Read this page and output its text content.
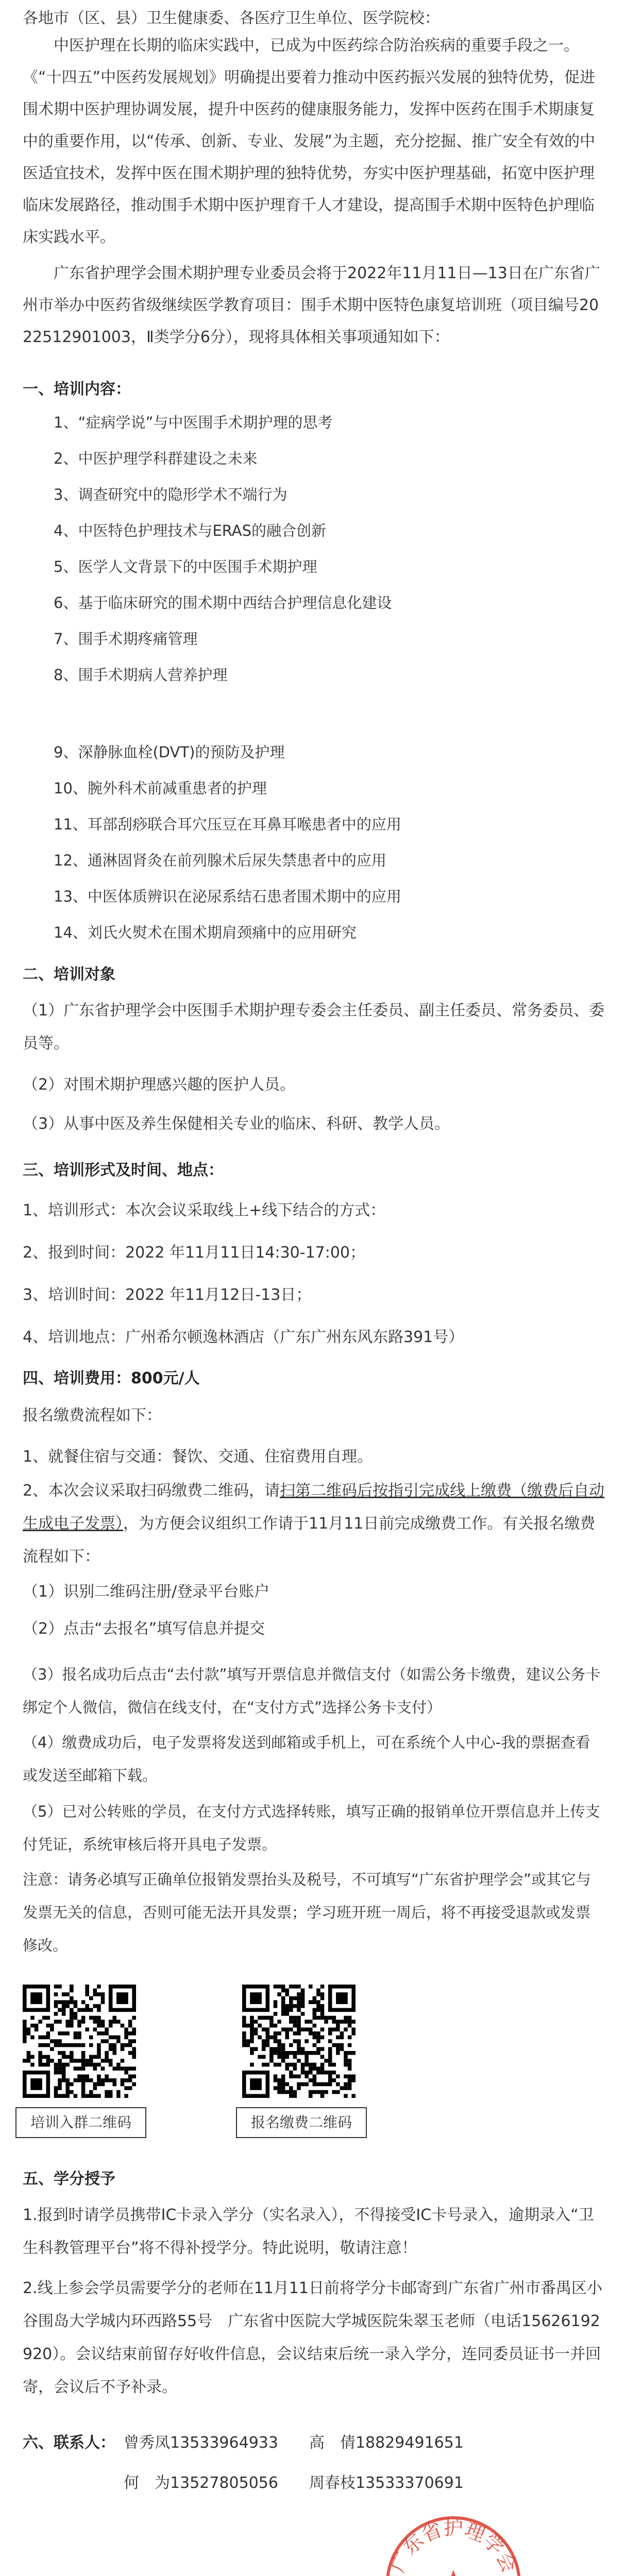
各地市（区、县）卫生健康委、各医疗卫生单位、医学院校：
中医护理在长期的临床实践中，已成为中医药综合防治疾病的重要手段之一。《“十四五”中医药发展规划》明确提出要着力推动中医药振兴发展的独特优势，促进围术期中医护理协调发展，提升中医药的健康服务能力，发挥中医药在围手术期康复中的重要作用，以“传承、创新、专业、发展”为主题，充分挖掘、推广安全有效的中医适宜技术，发挥中医在围术期护理的独特优势，夯实中医护理基础，拓宽中医护理临床发展路径，推动围手术期中医护理育千人才建设，提高围手术期中医特色护理临床实践水平。
广东省护理学会围术期护理专业委员会将于2022年11月11日—13日在广东省广州市举办中医药省级继续医学教育项目：围手术期中医特色康复培训班（项目编号2022512901003，Ⅱ类学分6分），现将具体相关事项通知如下：
一、培训内容：
1、“症病学说”与中医围手术期护理的思考
2、中医护理学科群建设之未来
3、调查研究中的隐形学术不端行为
4、中医特色护理技术与ERAS的融合创新
5、医学人文背景下的中医围手术期护理
6、基于临床研究的围术期中西结合护理信息化建设
7、围手术期疼痛管理
8、围手术期病人营养护理
9、深静脉血栓(DVT)的预防及护理
10、腕外科术前减重患者的护理
11、耳部刮痧联合耳穴压豆在耳鼻耳喉患者中的应用
12、通淋固肾灸在前列腺术后尿失禁患者中的应用
13、中医体质辨识在泌尿系结石患者围术期中的应用
14、刘氏火熨术在围术期肩颈痛中的应用研究
二、培训对象
（1）广东省护理学会中医围手术期护理专委会主任委员、副主任委员、常务委员、委员等。
（2）对围术期护理感兴趣的医护人员。
（3）从事中医及养生保健相关专业的临床、科研、教学人员。
三、培训形式及时间、地点：
1、培训形式：本次会议采取线上+线下结合的方式：
2、报到时间：2022 年11月11日14:30-17:00；
3、培训时间：2022 年11月12日-13日；
4、培训地点：广州希尔顿逸林酒店（广东广州东风东路391号）
四、培训费用：800元/人
报名缴费流程如下：
1、就餐住宿与交通：餐饮、交通、住宿费用自理。
2、本次会议采取扫码缴费二维码，请扫第二维码后按指引完成线上缴费（缴费后自动生成电子发票），为方便会议组织工作请于11月11日前完成缴费工作。有关报名缴费流程如下：
（1）识别二维码注册/登录平台账户
（2）点击“去报名”填写信息并提交
（3）报名成功后点击“去付款”填写开票信息并微信支付（如需公务卡缴费，建议公务卡绑定个人微信，微信在线支付，在“支付方式”选择公务卡支付）
（4）缴费成功后，电子发票将发送到邮箱或手机上，可在系统个人中心-我的票据查看或发送至邮箱下载。
（5）已对公转账的学员，在支付方式选择转账，填写正确的报销单位开票信息并上传支付凭证，系统审核后将开具电子发票。
注意：请务必填写正确单位报销发票抬头及税号，不可填写“广东省护理学会”或其它与发票无关的信息，否则可能无法开具发票；学习班开班一周后，将不再接受退款或发票修改。
培训入群二维码	报名缴费二维码
五、学分授予
1.报到时请学员携带IC卡录入学分（实名录入），不得接受IC卡号录入，逾期录入“卫生科教管理平台”将不得补授学分。特此说明，敬请注意！
2.线上参会学员需要学分的老师在11月11日前将学分卡邮寄到广东省广州市番禺区小谷围岛大学城内环西路55号　广东省中医院大学城医院朱翠玉老师（电话15626192920）。会议结束前留存好收件信息，会议结束后统一录入学分，连同委员证书一并回寄，会议后不予补录。
六、联系人： 曾秀凤13533964933　　高　倩18829491651
何　为13527805056　　周春枝13533370691
广东省护理学会
